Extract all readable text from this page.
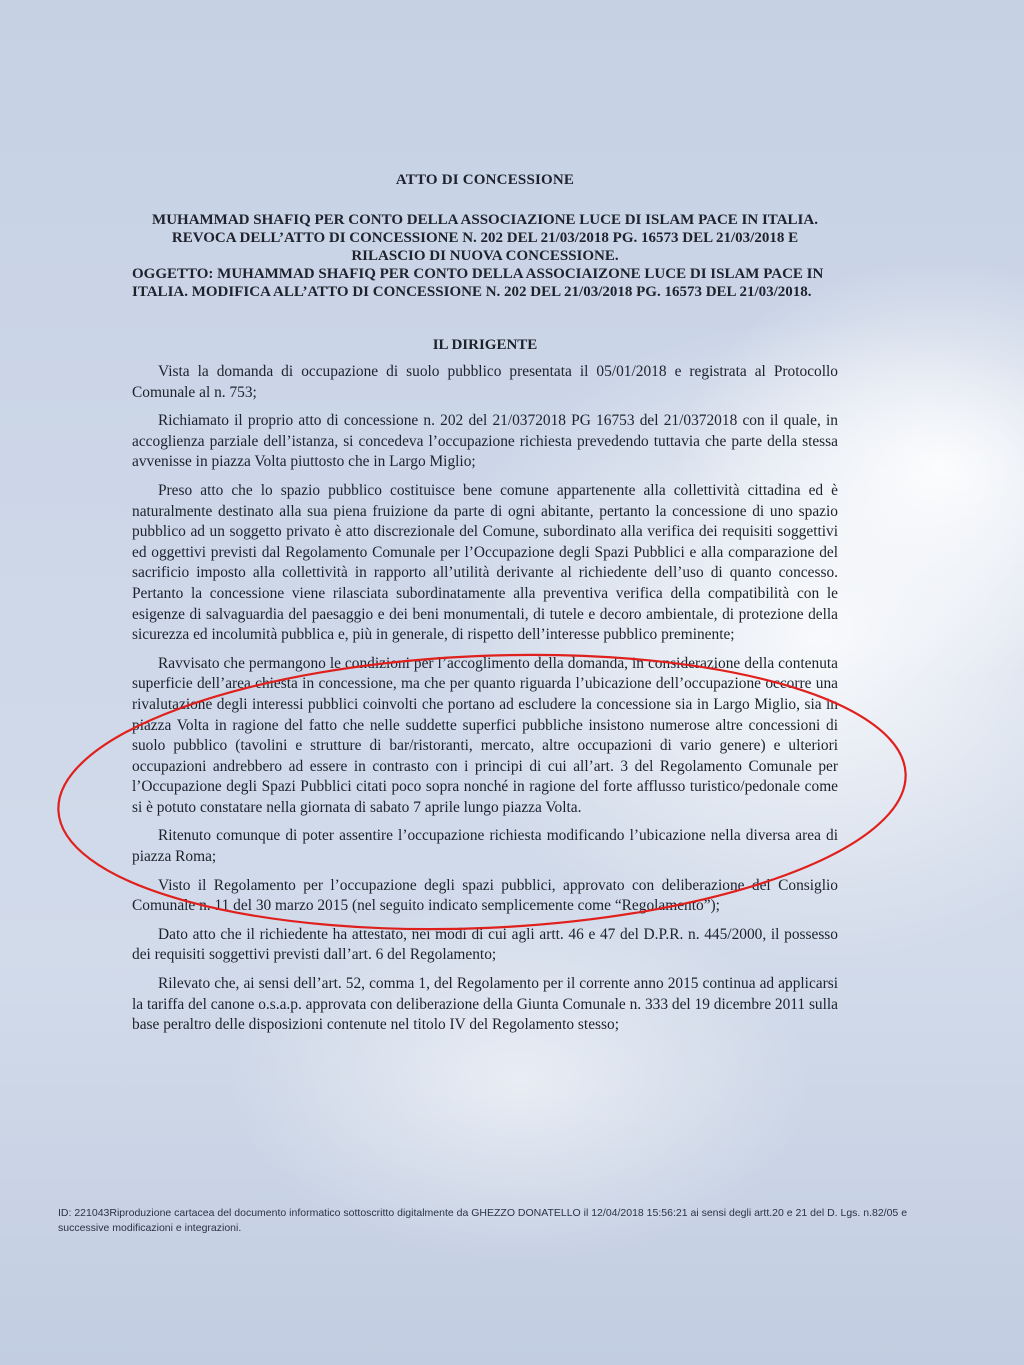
ATTO DI CONCESSIONE
MUHAMMAD SHAFIQ PER CONTO DELLA ASSOCIAZIONE LUCE DI ISLAM PACE IN ITALIA. REVOCA DELL’ATTO DI CONCESSIONE N. 202 DEL 21/03/2018 PG. 16573 DEL 21/03/2018 E RILASCIO DI NUOVA CONCESSIONE.
OGGETTO: MUHAMMAD SHAFIQ PER CONTO DELLA ASSOCIAIZONE LUCE DI ISLAM PACE IN ITALIA. MODIFICA ALL’ATTO DI CONCESSIONE N. 202 DEL 21/03/2018 PG. 16573 DEL 21/03/2018.
IL DIRIGENTE

Vista la domanda di occupazione di suolo pubblico presentata il 05/01/2018 e registrata al Protocollo Comunale al n. 753;

Richiamato il proprio atto di concessione n. 202 del 21/0372018 PG 16753 del 21/0372018 con il quale, in accoglienza parziale dell’istanza, si concedeva l’occupazione richiesta prevedendo tuttavia che parte della stessa avvenisse in piazza Volta piuttosto che in Largo Miglio;

Preso atto che lo spazio pubblico costituisce bene comune appartenente alla collettività cittadina ed è naturalmente destinato alla sua piena fruizione da parte di ogni abitante, pertanto la concessione di uno spazio pubblico ad un soggetto privato è atto discrezionale del Comune, subordinato alla verifica dei requisiti soggettivi ed oggettivi previsti dal Regolamento Comunale per l’Occupazione degli Spazi Pubblici e alla comparazione del sacrificio imposto alla collettività in rapporto all’utilità derivante al richiedente dell’uso di quanto concesso. Pertanto la concessione viene rilasciata subordinatamente alla preventiva verifica della compatibilità con le esigenze di salvaguardia del paesaggio e dei beni monumentali, di tutele e decoro ambientale, di protezione della sicurezza ed incolumità pubblica e, più in generale, di rispetto dell’interesse pubblico preminente;

Ravvisato che permangono le condizioni per l’accoglimento della domanda, in considerazione della contenuta superficie dell’area chiesta in concessione, ma che per quanto riguarda l’ubicazione dell’occupazione occorre una rivalutazione degli interessi pubblici coinvolti che portano ad escludere la concessione sia in Largo Miglio, sia in piazza Volta in ragione del fatto che nelle suddette superfici pubbliche insistono numerose altre concessioni di suolo pubblico (tavolini e strutture di bar/ristoranti, mercato, altre occupazioni di vario genere) e ulteriori occupazioni andrebbero ad essere in contrasto con i principi di cui all’art. 3 del Regolamento Comunale per l’Occupazione degli Spazi Pubblici citati poco sopra nonché in ragione del forte afflusso turistico/pedonale come si è potuto constatare nella giornata di sabato 7 aprile lungo piazza Volta.

Ritenuto comunque di poter assentire l’occupazione richiesta modificando l’ubicazione nella diversa area di piazza Roma;

Visto il Regolamento per l’occupazione degli spazi pubblici, approvato con deliberazione del Consiglio Comunale n. 11 del 30 marzo 2015 (nel seguito indicato semplicemente come “Regolamento”);

Dato atto che il richiedente ha attestato, nei modi di cui agli artt. 46 e 47 del D.P.R. n. 445/2000, il possesso dei requisiti soggettivi previsti dall’art. 6 del Regolamento;

Rilevato che, ai sensi dell’art. 52, comma 1, del Regolamento per il corrente anno 2015 continua ad applicarsi la tariffa del canone o.s.a.p. approvata con deliberazione della Giunta Comunale n. 333 del 19 dicembre 2011 sulla base peraltro delle disposizioni contenute nel titolo IV del Regolamento stesso;

ID: 221043Riproduzione cartacea del documento informatico sottoscritto digitalmente da GHEZZO DONATELLO il 12/04/2018 15:56:21 ai sensi degli artt.20 e 21 del D. Lgs. n.82/05 e successive modificazioni e integrazioni.
